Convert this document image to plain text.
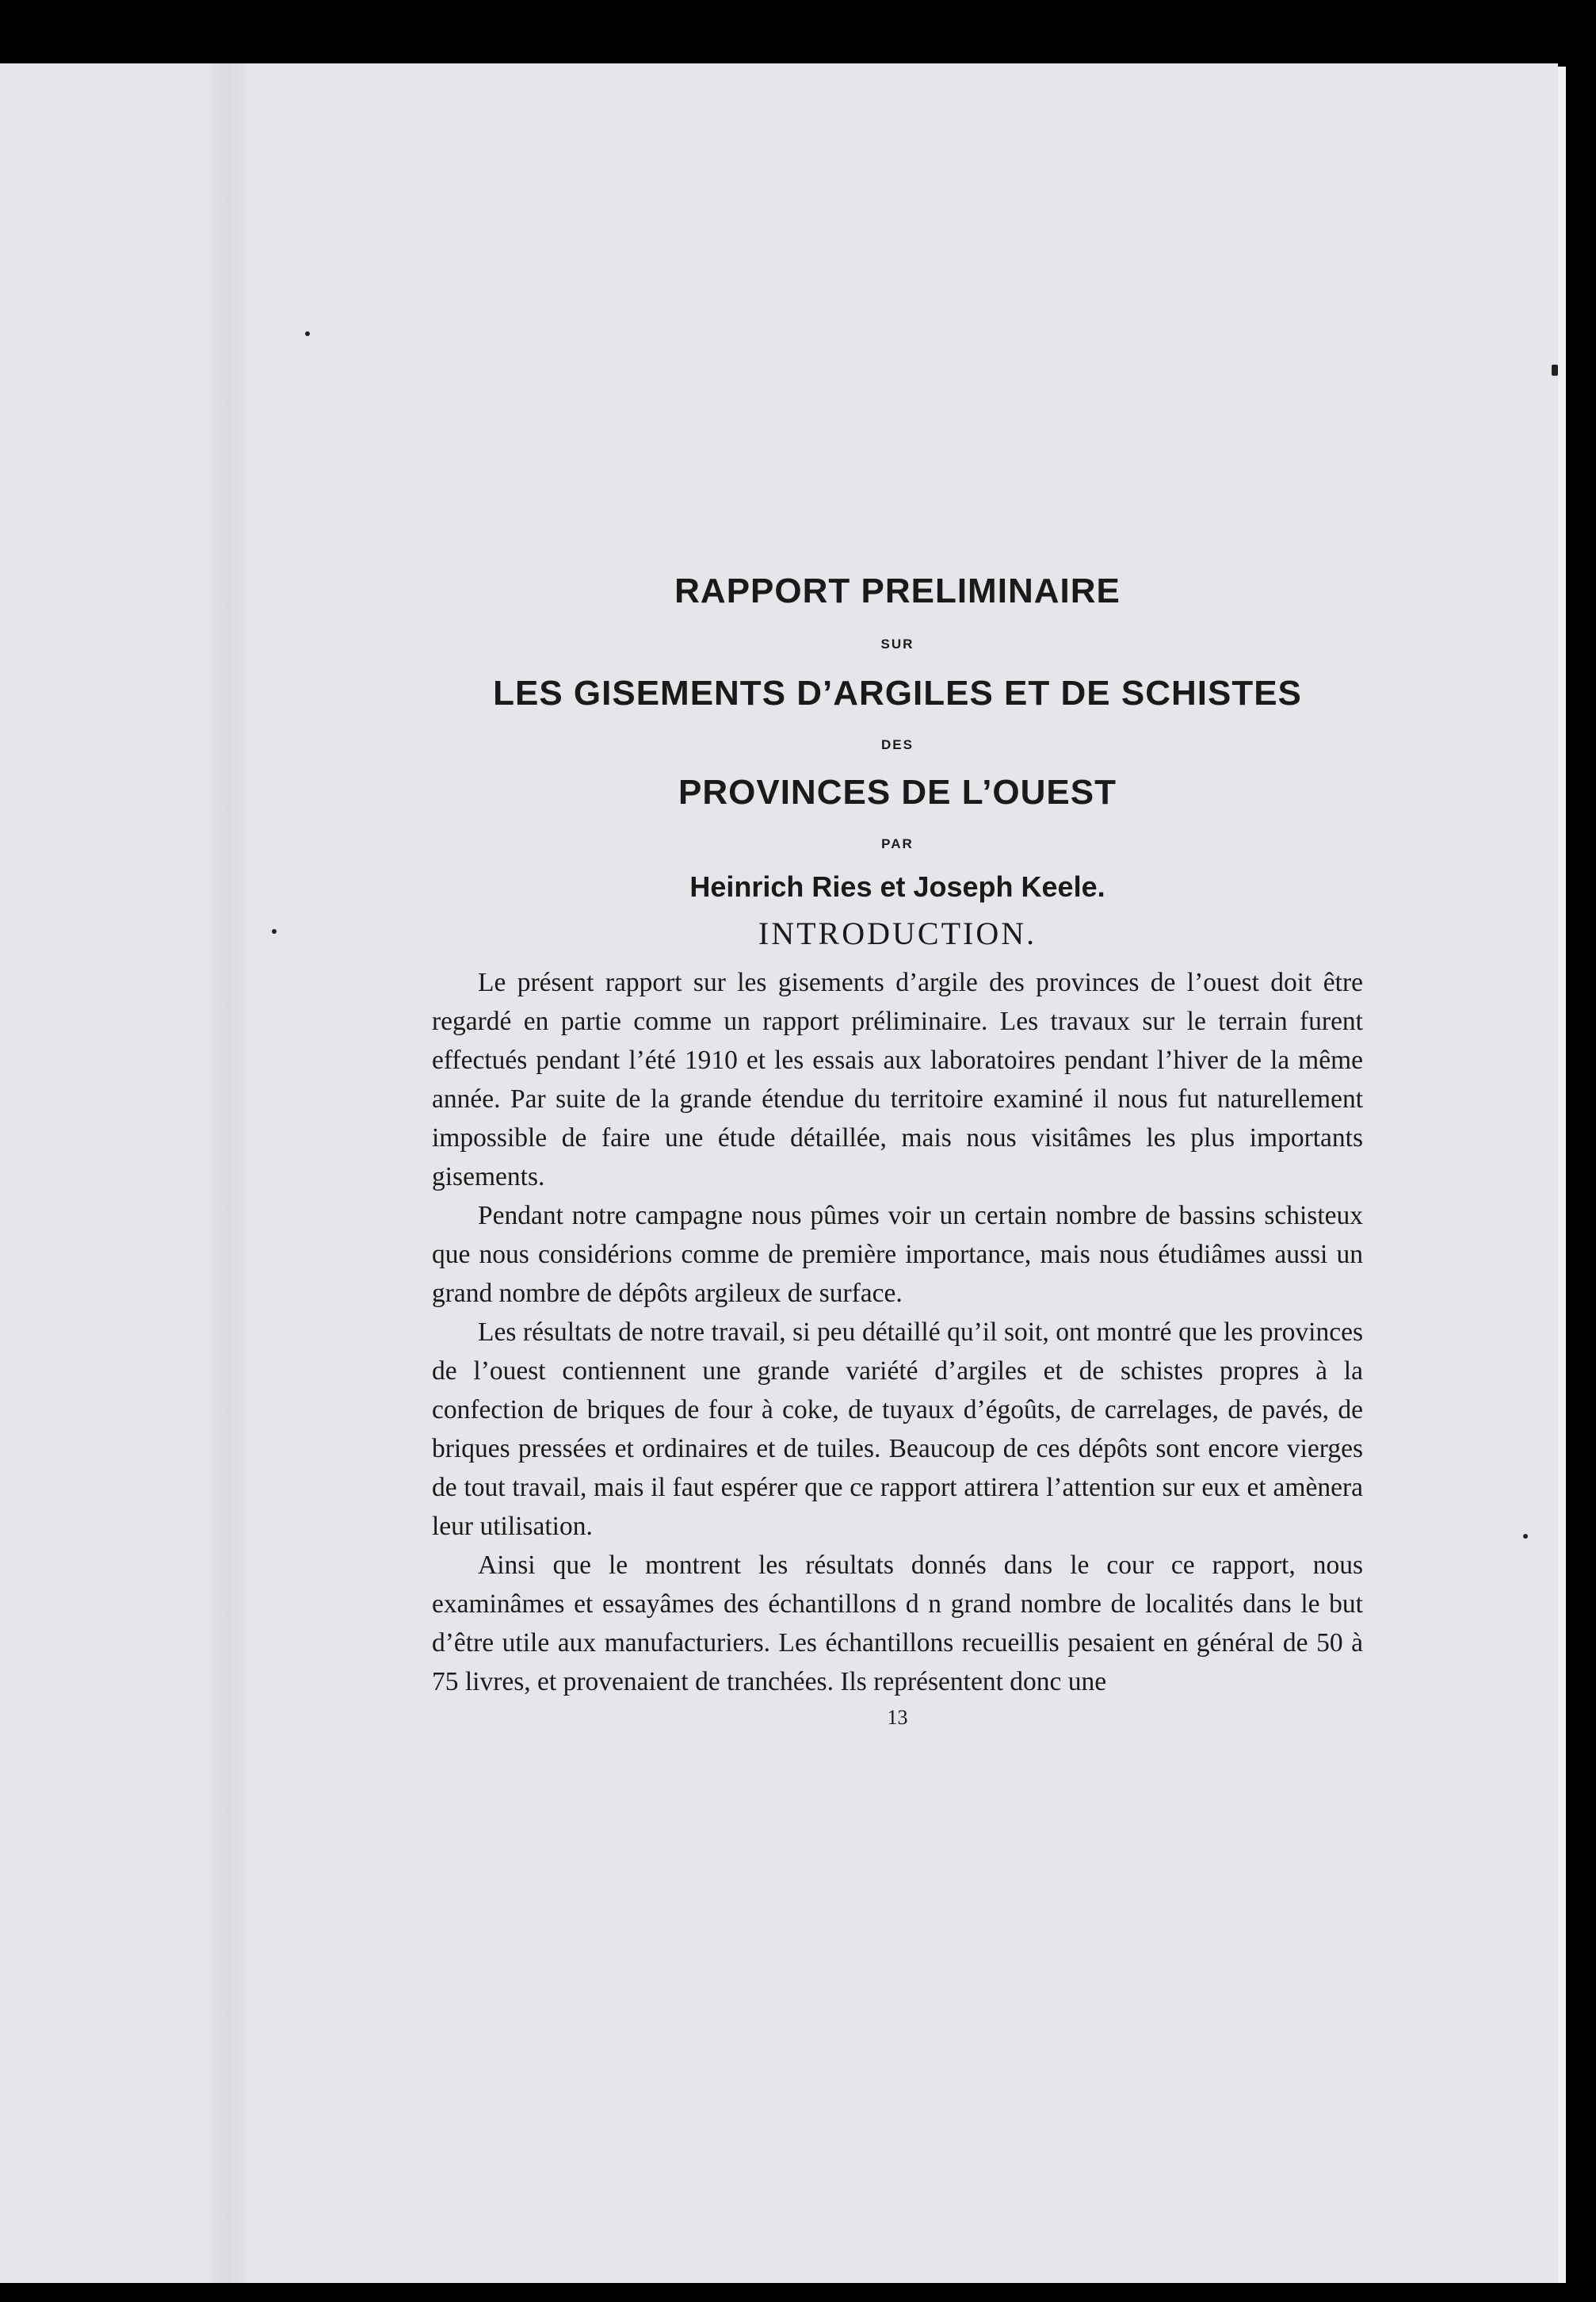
RAPPORT PRELIMINAIRE

SUR

LES GISEMENTS D’ARGILES ET DE SCHISTES

DES

PROVINCES DE L’OUEST

PAR

Heinrich Ries et Joseph Keele.

INTRODUCTION.

Le présent rapport sur les gisements d’argile des provinces de l’ouest doit être regardé en partie comme un rapport préliminaire. Les travaux sur le terrain furent effectués pendant l’été 1910 et les essais aux laboratoires pendant l’hiver de la même année. Par suite de la grande étendue du territoire examiné il nous fut naturellement impossible de faire une étude détaillée, mais nous visitâmes les plus importants gisements.

Pendant notre campagne nous pûmes voir un certain nombre de bassins schisteux que nous considérions comme de première importance, mais nous étudiâmes aussi un grand nombre de dépôts argileux de surface.

Les résultats de notre travail, si peu détaillé qu’il soit, ont montré que les provinces de l’ouest contiennent une grande variété d’argiles et de schistes propres à la confection de briques de four à coke, de tuyaux d’égoûts, de carrelages, de pavés, de briques pressées et ordinaires et de tuiles. Beaucoup de ces dépôts sont encore vierges de tout travail, mais il faut espérer que ce rapport attirera l’attention sur eux et amènera leur utilisation.

Ainsi que le montrent les résultats donnés dans le cour ce rapport, nous examinâmes et essayâmes des échantillons d n grand nombre de localités dans le but d’être utile aux manufacturiers. Les échantillons recueillis pesaient en général de 50 à 75 livres, et provenaient de tranchées. Ils représentent donc une

13
